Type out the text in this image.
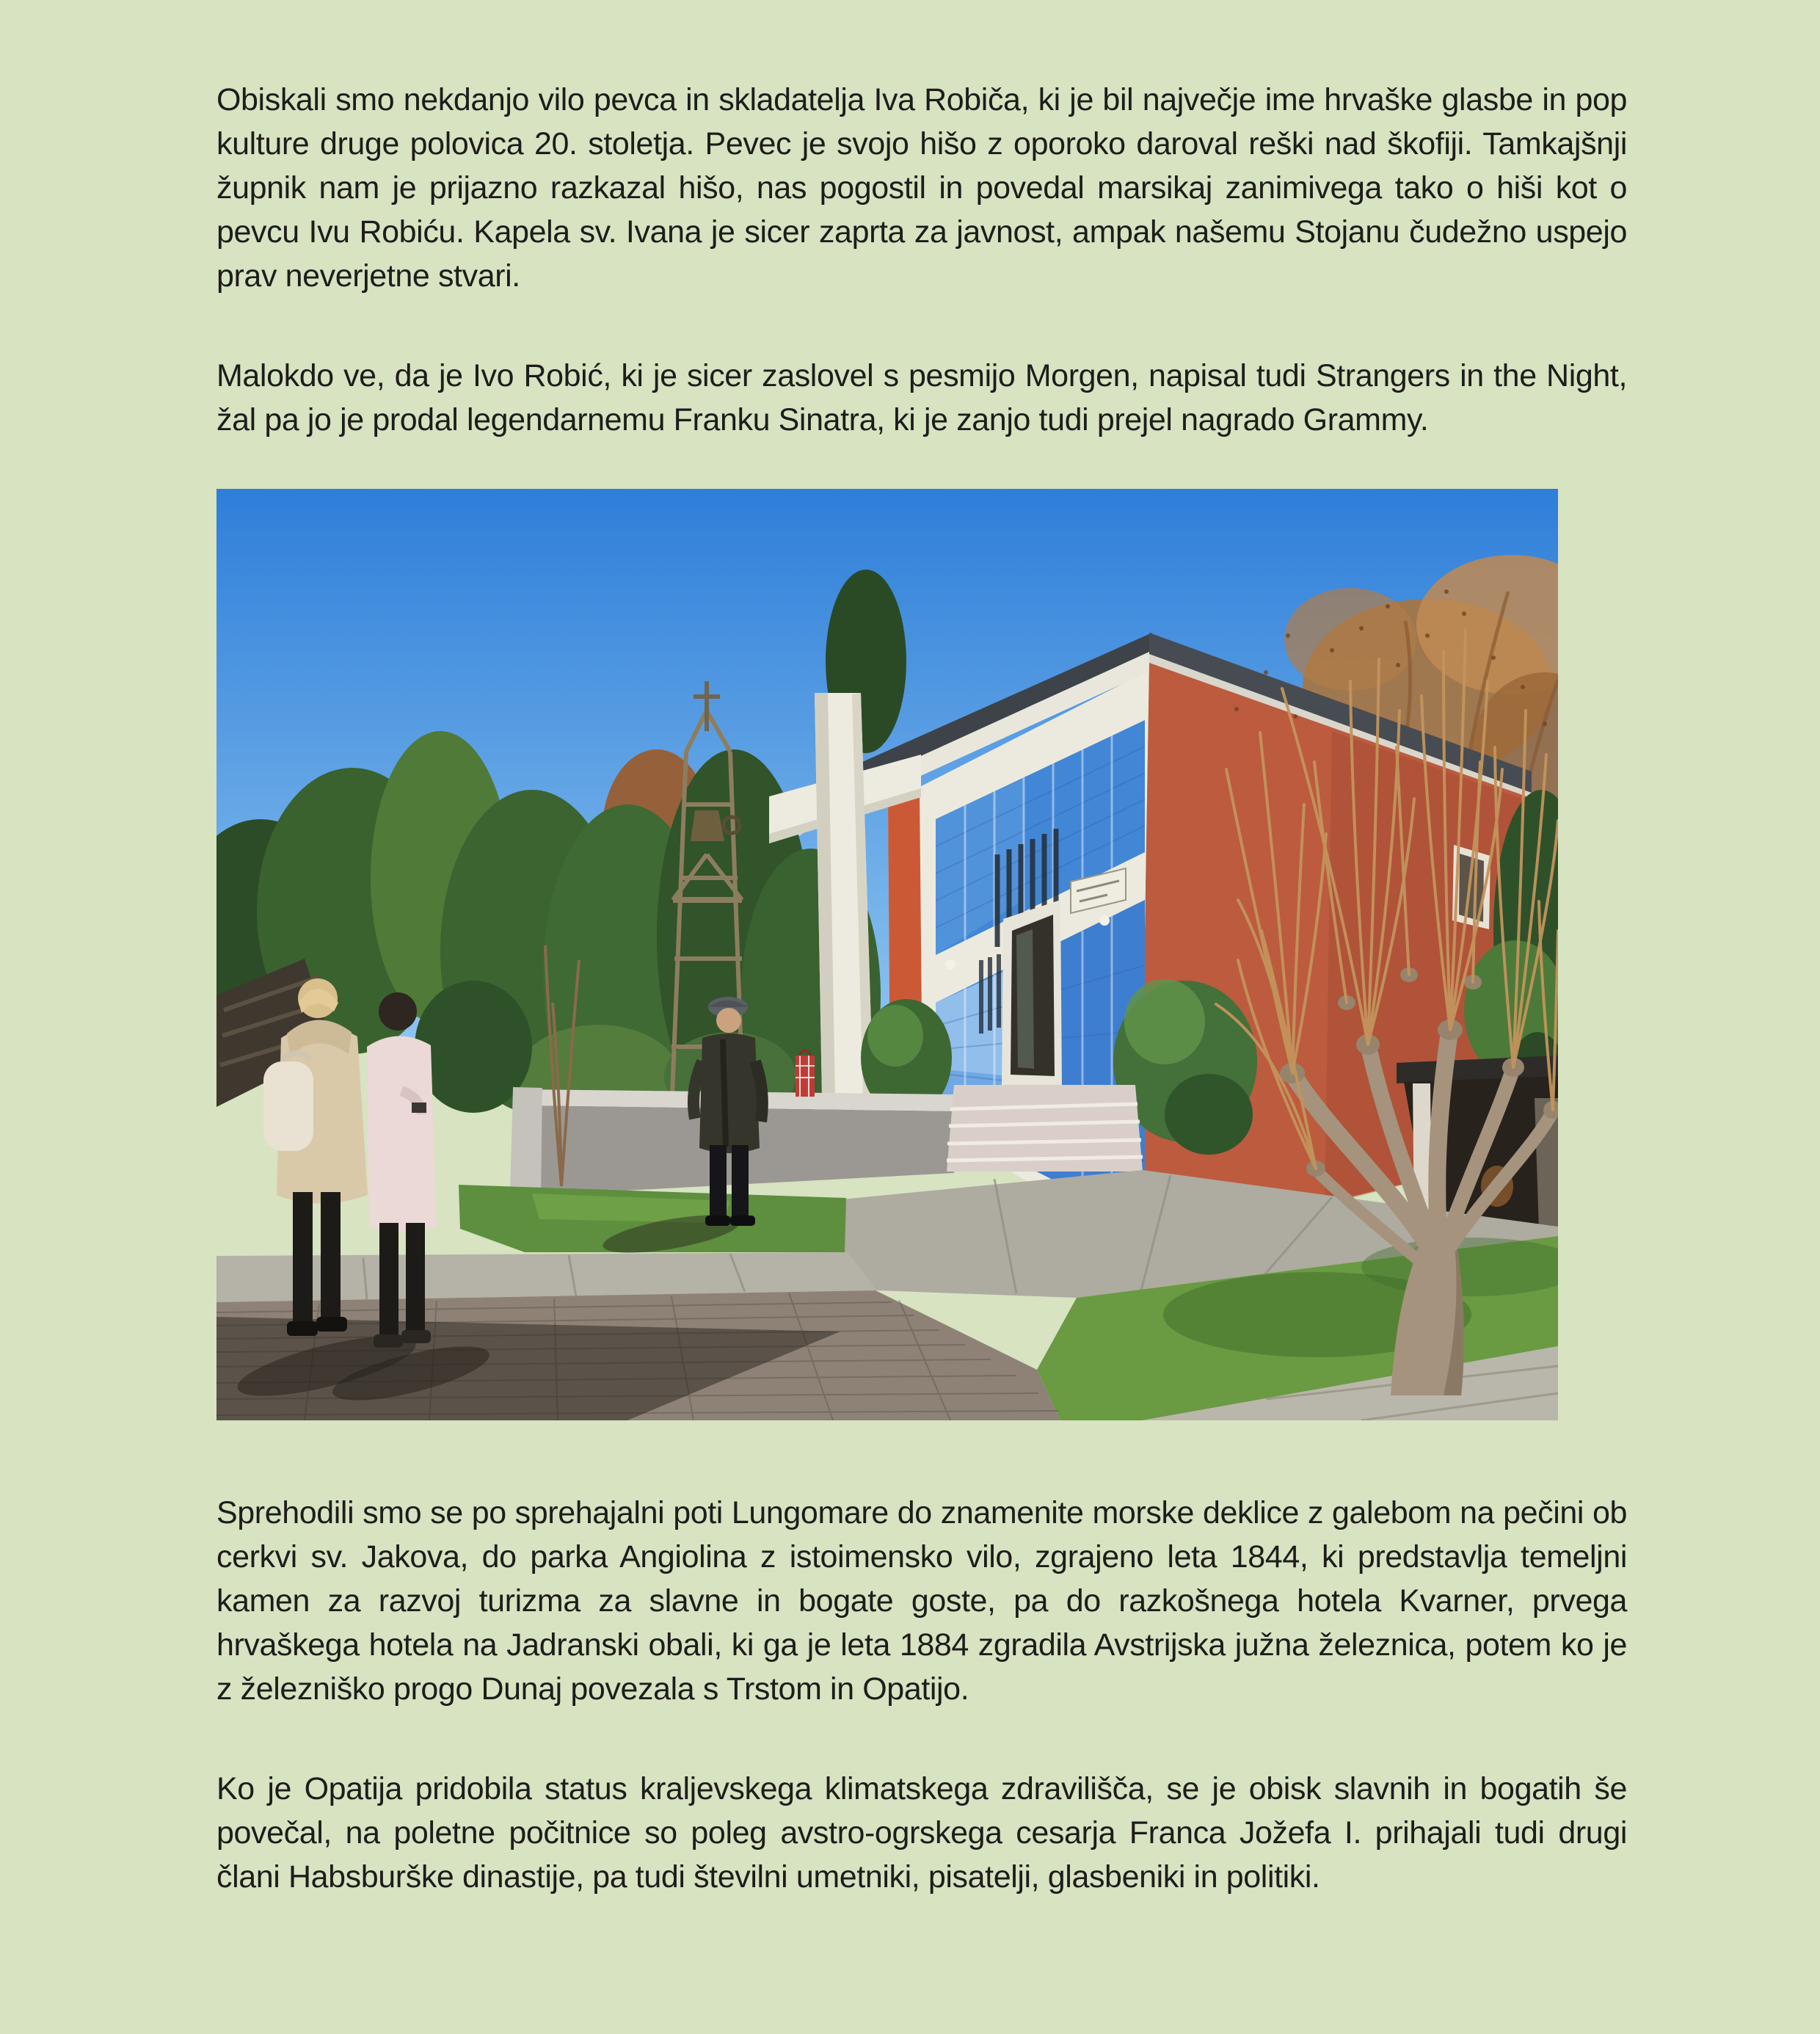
Obiskali smo nekdanjo vilo pevca in skladatelja Iva Robiča, ki je bil največje ime hrvaške glasbe in pop kulture druge polovica 20. stoletja. Pevec je svojo hišo z oporoko daroval reški nad škofiji. Tamkajšnji župnik nam je prijazno razkazal hišo, nas pogostil in povedal marsikaj zanimivega tako o hiši kot o pevcu Ivu Robiću. Kapela sv. Ivana je sicer zaprta za javnost, ampak našemu Stojanu čudežno uspejo prav neverjetne stvari.

Malokdo ve, da je Ivo Robić, ki je sicer zaslovel s pesmijo Morgen, napisal tudi Strangers in the Night, žal pa jo je prodal legendarnemu Franku Sinatra, ki je zanjo tudi prejel nagrado Grammy.

Sprehodili smo se po sprehajalni poti Lungomare do znamenite morske deklice z galebom na pečini ob cerkvi sv. Jakova, do parka Angiolina z istoimensko vilo, zgrajeno leta 1844, ki predstavlja temeljni kamen za razvoj turizma za slavne in bogate goste, pa do razkošnega hotela Kvarner, prvega hrvaškega hotela na Jadranski obali, ki ga je leta 1884 zgradila Avstrijska južna železnica, potem ko je z železniško progo Dunaj povezala s Trstom in Opatijo.

Ko je Opatija pridobila status kraljevskega klimatskega zdravilišča, se je obisk slavnih in bogatih še povečal, na poletne počitnice so poleg avstro-ogrskega cesarja Franca Jožefa I. prihajali tudi drugi člani Habsburške dinastije, pa tudi številni umetniki, pisatelji, glasbeniki in politiki.
